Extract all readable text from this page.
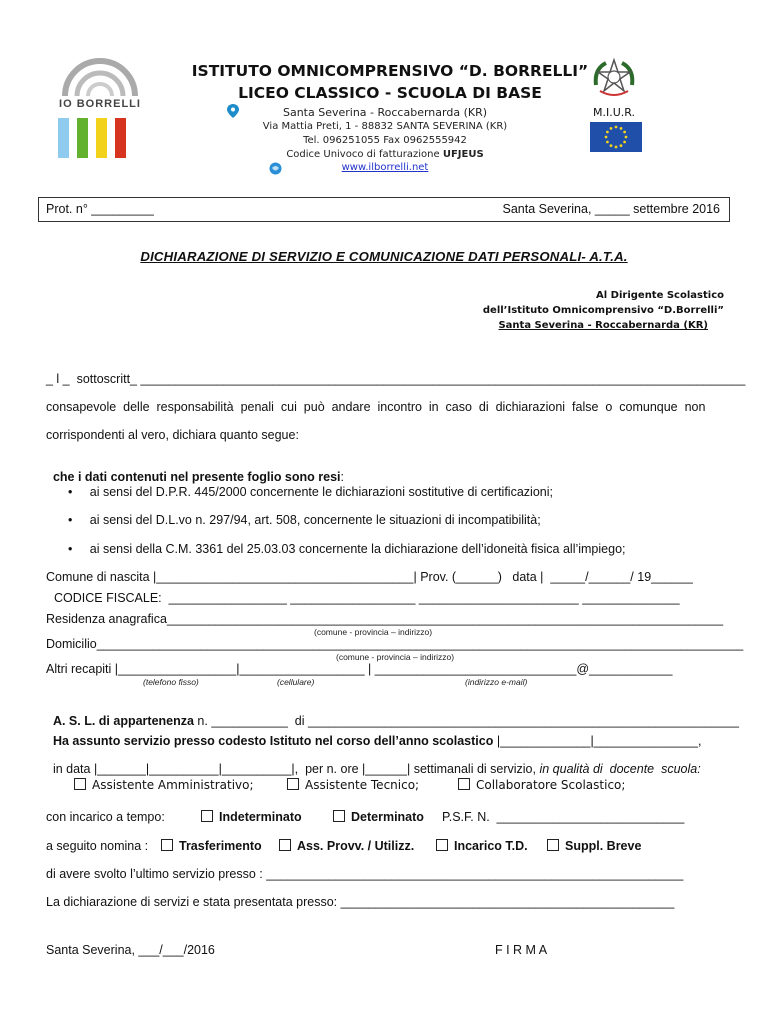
IO BORRELLI
ISTITUTO OMNICOMPRENSIVO “D. BORRELLI”
LICEO CLASSICO - SCUOLA DI BASE
Santa Severina - Roccabernarda (KR)
Via Mattia Preti, 1 - 88832 SANTA SEVERINA (KR)
Tel. 096251055 Fax 0962555942
Codice Univoco di fatturazione UFJEUS
www.ilborrelli.net
M.I.U.R.
Prot. n° _________	Santa Severina, _____ settembre 2016
DICHIARAZIONE DI SERVIZIO E COMUNICAZIONE DATI PERSONALI- A.T.A.
Al Dirigente Scolastico
dell’Istituto Omnicomprensivo “D.Borrelli”
Santa Severina - Roccabernarda (KR)
_ l _  sottoscritt_ _______________________________________________________________________________________
consapevole  delle  responsabilità  penali  cui  può  andare  incontro  in  caso  di  dichiarazioni  false  o  comunque  non
corrispondenti al vero, dichiara quanto segue:

che i dati contenuti nel presente foglio sono resi:

•     ai sensi del D.P.R. 445/2000 concernente le dichiarazioni sostitutive di certificazioni;
•     ai sensi del D.L.vo n. 297/94, art. 508, concernente le situazioni di incompatibilità;
•     ai sensi della C.M. 3361 del 25.03.03 concernente la dichiarazione dell’idoneità fisica all’impiego;
Comune di nascita |_____________________________________| Prov. (______)   data |  _____/______/ 19______
CODICE FISCALE:  _________________ __________________ _______________________ ______________
Residenza anagrafica________________________________________________________________________________
(comune - provincia – indirizzo)
Domicilio_____________________________________________________________________________________________
(comune - provincia – indirizzo)
Altri recapiti |_________________|__________________ | _____________________________@____________
(telefono fisso)	(cellulare)	(indirizzo e-mail)

A. S. L. di appartenenza n. ___________  di ______________________________________________________________

Ha assunto servizio presso codesto Istituto nel corso dell’anno scolastico |_____________|_______________,

in data |_______|__________|__________|,  per n. ore |______| settimanali di servizio, in qualità di  docente  scuola:

Assistente Amministrativo;	Assistente Tecnico;	Collaboratore Scolastico;
con incarico a tempo:	Indeterminato	Determinato P.S.F. N.  ___________________________
a seguito nomina :	Trasferimento	Ass. Provv. / Utilizz.	Incarico T.D.	Suppl. Breve
di avere svolto l’ultimo servizio presso : ____________________________________________________________
La dichiarazione di servizi e stata presentata presso: ________________________________________________
Santa Severina, ___/___/2016	F I R M A
